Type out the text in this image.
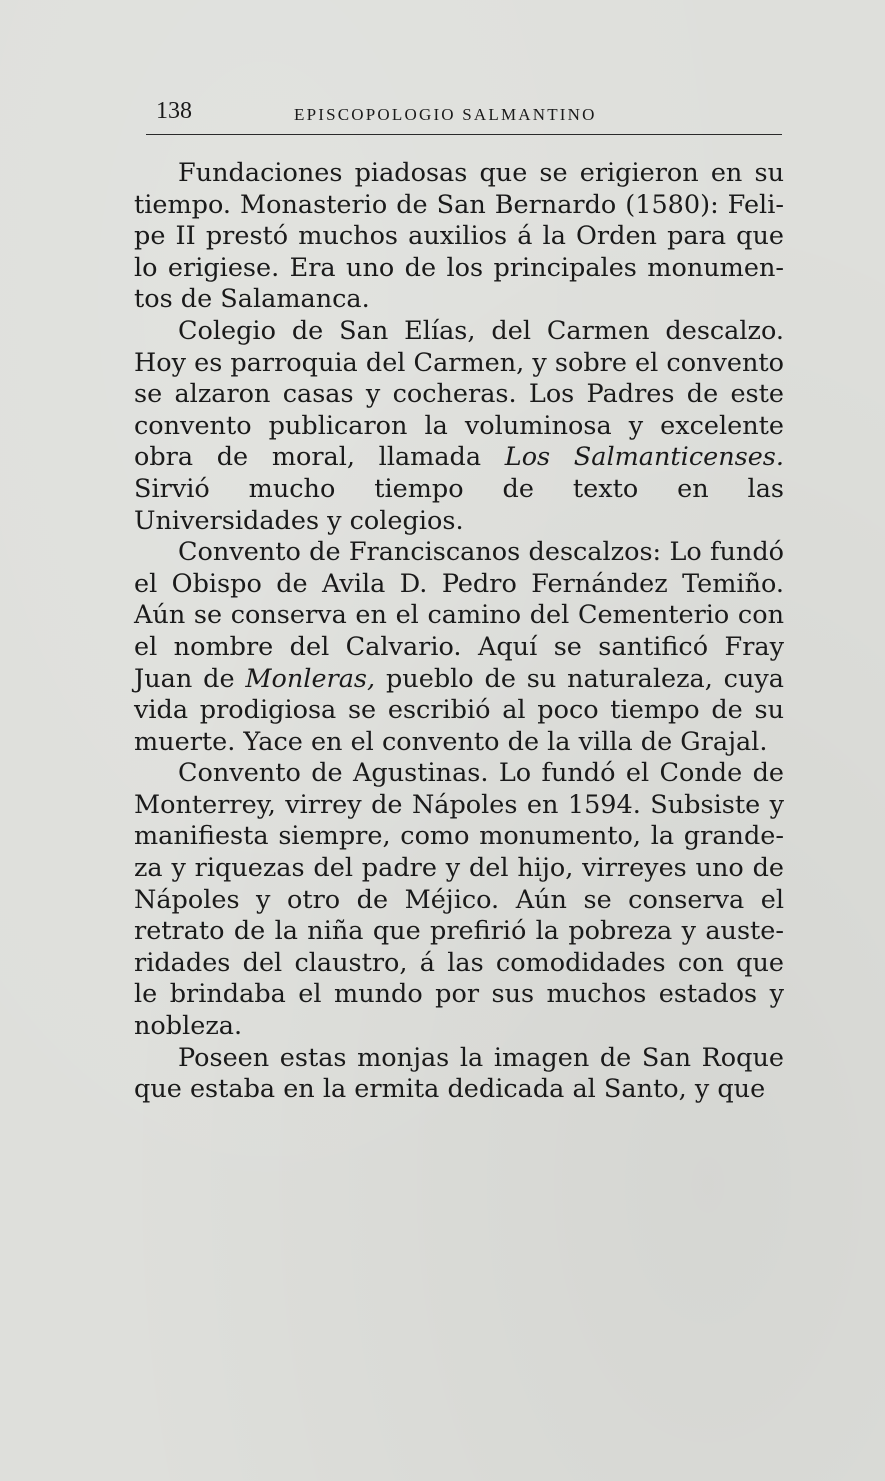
138	EPISCOPOLOGIO SALMANTINO

Fundaciones piadosas que se erigieron en su tiempo. Monasterio de San Bernardo (1580): Felipe II prestó muchos auxilios á la Orden para que lo erigiese. Era uno de los principales monumentos de Salamanca.

Colegio de San Elías, del Carmen descalzo. Hoy es parroquia del Carmen, y sobre el convento se alzaron casas y cocheras. Los Padres de este convento publicaron la voluminosa y excelente obra de moral, llamada Los Salmanticenses. Sirvió mucho tiempo de texto en las Universidades y colegios.

Convento de Franciscanos descalzos: Lo fundó el Obispo de Avila D. Pedro Fernández Temiño. Aún se conserva en el camino del Cementerio con el nombre del Calvario. Aquí se santificó Fray Juan de Monleras, pueblo de su naturaleza, cuya vida prodigiosa se escribió al poco tiempo de su muerte. Yace en el convento de la villa de Grajal.

Convento de Agustinas. Lo fundó el Conde de Monterrey, virrey de Nápoles en 1594. Subsiste y manifiesta siempre, como monumento, la grandeza y riquezas del padre y del hijo, virreyes uno de Nápoles y otro de Méjico. Aún se conserva el retrato de la niña que prefirió la pobreza y austeridades del claustro, á las comodidades con que le brindaba el mundo por sus muchos estados y nobleza.

Poseen estas monjas la imagen de San Roque que estaba en la ermita dedicada al Santo, y que
